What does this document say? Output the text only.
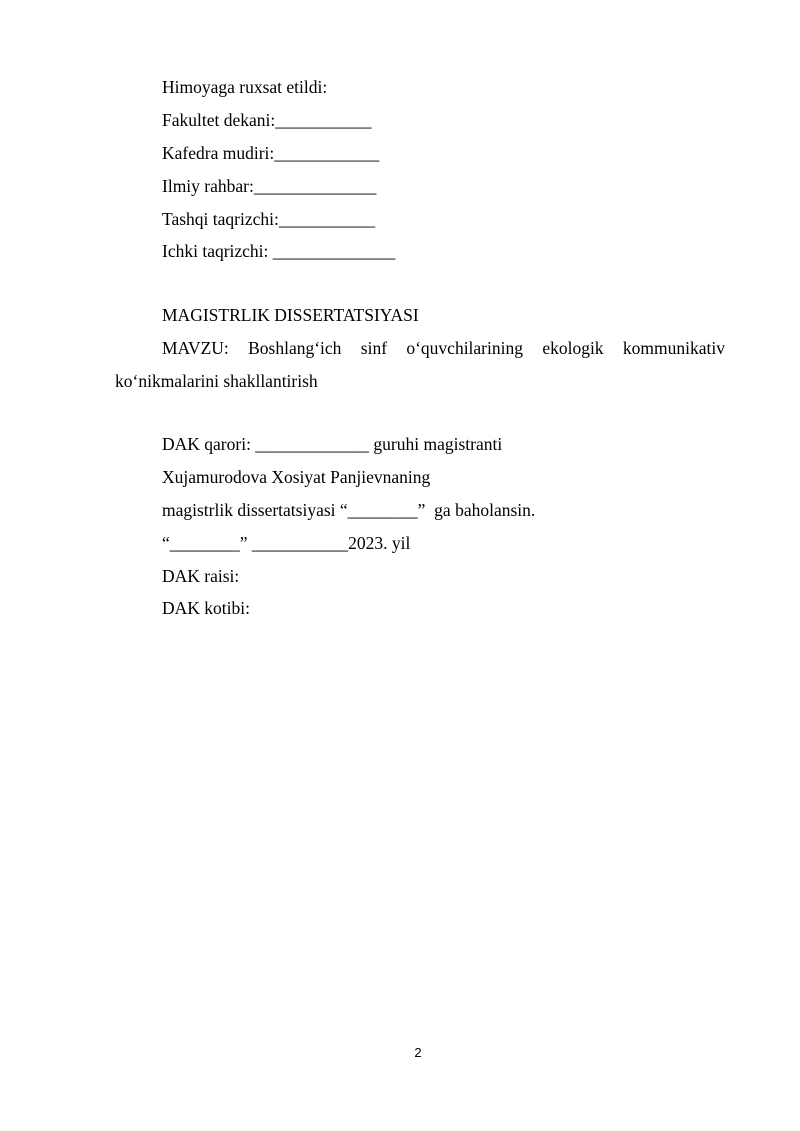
Himoyaga ruxsat etildi:
Fakultet dekani:___________
Kafedra mudiri:____________
Ilmiy rahbar:______________
Tashqi taqrizchi:___________
Ichki taqrizchi: ______________
MAGISTRLIK DISSERTATSIYASI
MAVZU: Boshlang‘ich sinf o‘quvchilarining ekologik kommunikativ
ko‘nikmalarini shakllantirish
DAK qarori: _____________ guruhi magistranti
Xujamurodova Xosiyat Panjievnaning
magistrlik dissertatsiyasi “________”  ga baholansin.
“________” ___________2023. yil
DAK raisi:
DAK kotibi:
2
